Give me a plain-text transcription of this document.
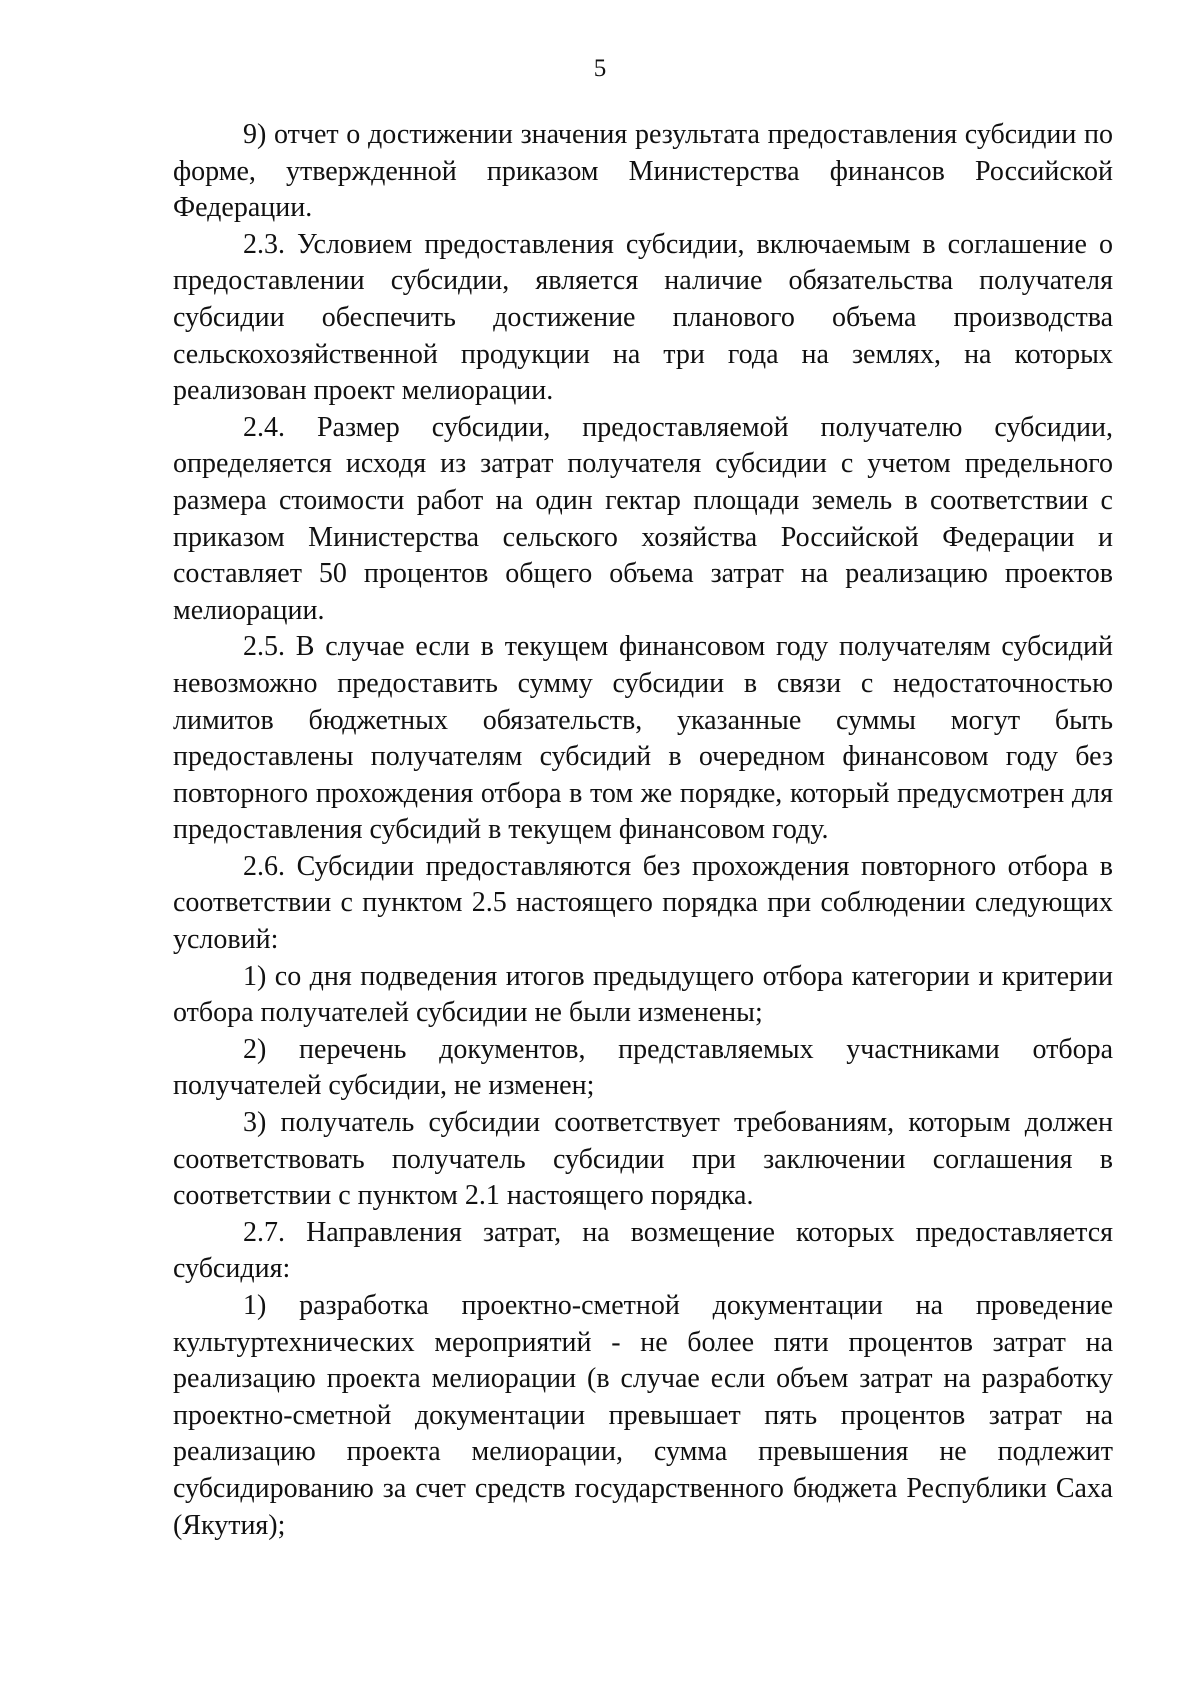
5

9) отчет о достижении значения результата предоставления субсидии по форме, утвержденной приказом Министерства финансов Российской Федерации.

2.3. Условием предоставления субсидии, включаемым в соглашение о предоставлении субсидии, является наличие обязательства получателя субсидии обеспечить достижение планового объема производства сельскохозяйственной продукции на три года на землях, на которых реализован проект мелиорации.

2.4. Размер субсидии, предоставляемой получателю субсидии, определяется исходя из затрат получателя субсидии с учетом предельного размера стоимости работ на один гектар площади земель в соответствии с приказом Министерства сельского хозяйства Российской Федерации и составляет 50 процентов общего объема затрат на реализацию проектов мелиорации.

2.5. В случае если в текущем финансовом году получателям субсидий невозможно предоставить сумму субсидии в связи с недостаточностью лимитов бюджетных обязательств, указанные суммы могут быть предоставлены получателям субсидий в очередном финансовом году без повторного прохождения отбора в том же порядке, который предусмотрен для предоставления субсидий в текущем финансовом году.

2.6. Субсидии предоставляются без прохождения повторного отбора в соответствии с пунктом 2.5 настоящего порядка при соблюдении следующих условий:

1) со дня подведения итогов предыдущего отбора категории и критерии отбора получателей субсидии не были изменены;

2) перечень документов, представляемых участниками отбора получателей субсидии, не изменен;

3) получатель субсидии соответствует требованиям, которым должен соответствовать получатель субсидии при заключении соглашения в соответствии с пунктом 2.1 настоящего порядка.

2.7. Направления затрат, на возмещение которых предоставляется субсидия:

1) разработка проектно-сметной документации на проведение культуртехнических мероприятий - не более пяти процентов затрат на реализацию проекта мелиорации (в случае если объем затрат на разработку проектно-сметной документации превышает пять процентов затрат на реализацию проекта мелиорации, сумма превышения не подлежит субсидированию за счет средств государственного бюджета Республики Саха (Якутия);
